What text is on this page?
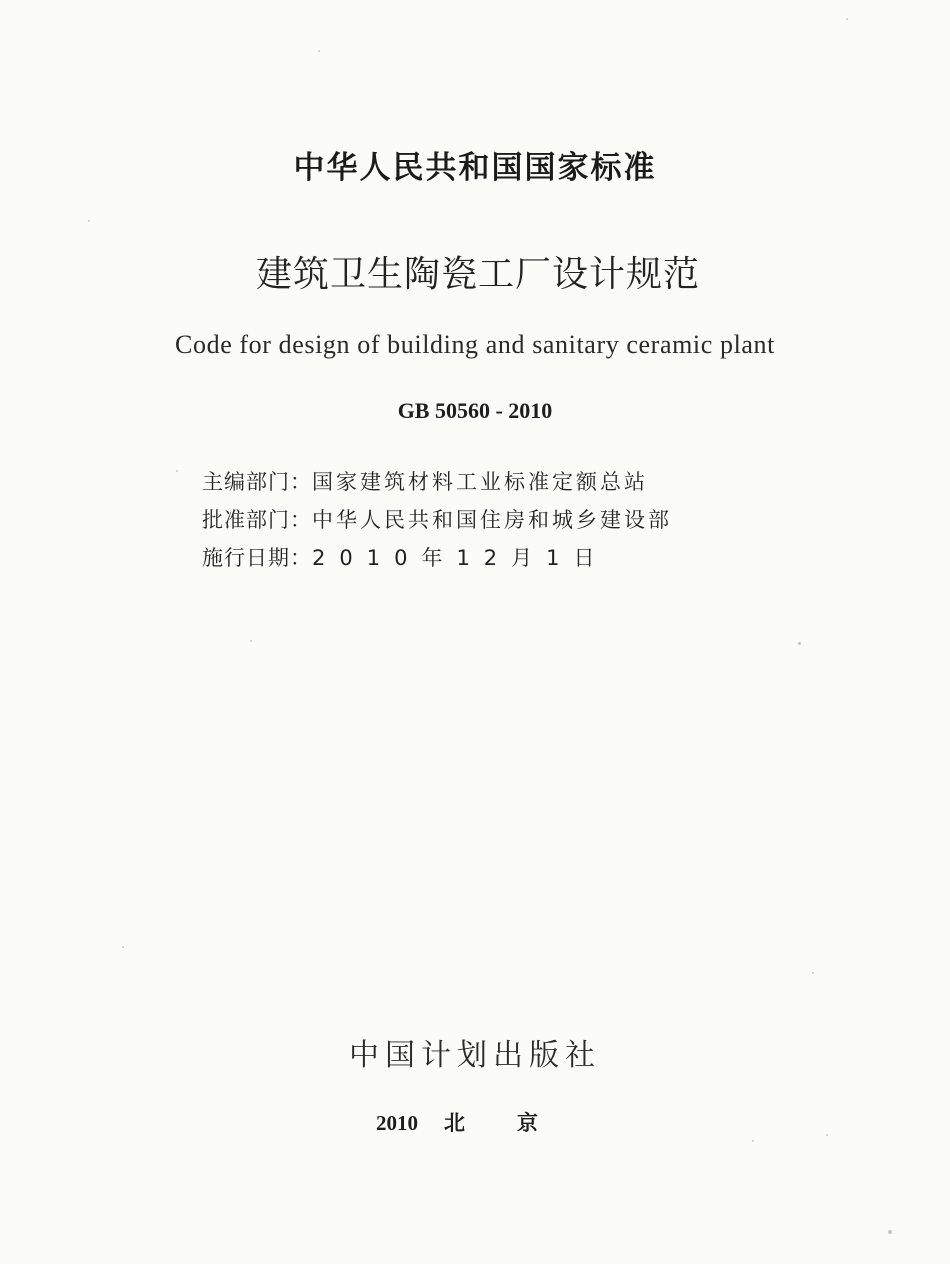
中华人民共和国国家标准
建筑卫生陶瓷工厂设计规范
Code for design of building and sanitary ceramic plant
GB 50560 - 2010
主编部门：国家建筑材料工业标准定额总站
批准部门：中华人民共和国住房和城乡建设部
施行日期：2010年12月1日
中国计划出版社
2010 北京
